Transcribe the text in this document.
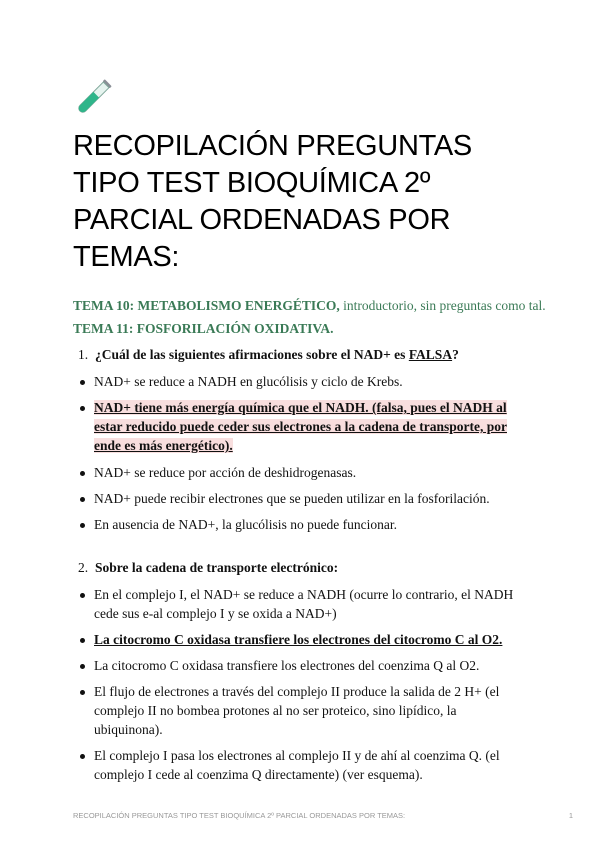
RECOPILACIÓN PREGUNTAS TIPO TEST BIOQUÍMICA 2º PARCIAL ORDENADAS POR TEMAS:
TEMA 10: METABOLISMO ENERGÉTICO, introductorio, sin preguntas como tal.
TEMA 11: FOSFORILACIÓN OXIDATIVA.
1. ¿Cuál de las siguientes afirmaciones sobre el NAD+ es FALSA?
NAD+ se reduce a NADH en glucólisis y ciclo de Krebs.
NAD+ tiene más energía química que el NADH. (falsa, pues el NADH al estar reducido puede ceder sus electrones a la cadena de transporte, por ende es más energético).
NAD+ se reduce por acción de deshidrogenasas.
NAD+ puede recibir electrones que se pueden utilizar en la fosforilación.
En ausencia de NAD+, la glucólisis no puede funcionar.
2. Sobre la cadena de transporte electrónico:
En el complejo I, el NAD+ se reduce a NADH (ocurre lo contrario, el NADH cede sus e-al complejo I y se oxida a NAD+)
La citocromo C oxidasa transfiere los electrones del citocromo C al O2.
La citocromo C oxidasa transfiere los electrones del coenzima Q al O2.
El flujo de electrones a través del complejo II produce la salida de 2 H+ (el complejo II no bombea protones al no ser proteico, sino lipídico, la ubiquinona).
El complejo I pasa los electrones al complejo II y de ahí al coenzima Q. (el complejo I cede al coenzima Q directamente) (ver esquema).
RECOPILACIÓN PREGUNTAS TIPO TEST BIOQUÍMICA 2º PARCIAL ORDENADAS POR TEMAS:	1
